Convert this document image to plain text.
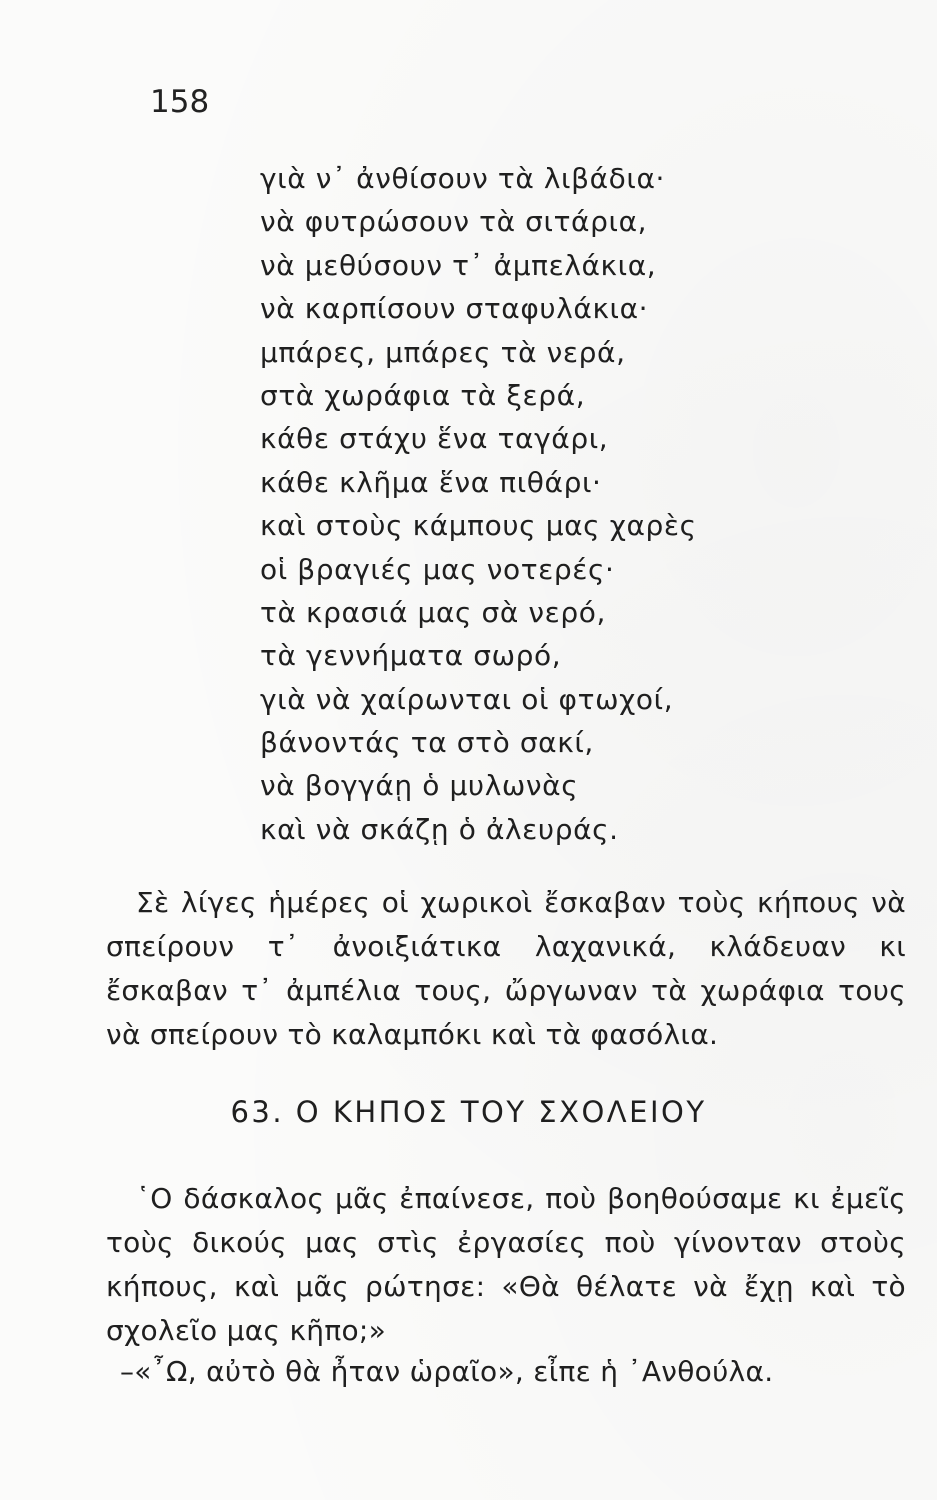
158
γιὰ ν᾿ ἀνθίσουν τὰ λιβάδια·
νὰ φυτρώσουν τὰ σιτάρια,
νὰ μεθύσουν τ᾿ ἀμπελάκια,
νὰ καρπίσουν σταφυλάκια·
μπάρες, μπάρες τὰ νερά,
στὰ χωράφια τὰ ξερά,
κάθε στάχυ ἕνα ταγάρι,
κάθε κλῆμα ἕνα πιθάρι·
καὶ στοὺς κάμπους μας χαρὲς
οἱ βραγιές μας νοτερές·
τὰ κρασιά μας σὰ νερό,
τὰ γεννήματα σωρό,
γιὰ νὰ χαίρωνται οἱ φτωχοί,
βάνοντάς τα στὸ σακί,
νὰ βογγάῃ ὁ μυλωνὰς
καὶ νὰ σκάζῃ ὁ ἀλευράς.

Σὲ λίγες ἡμέρες οἱ χωρικοὶ ἔσκαβαν τοὺς κήπους νὰ σπείρουν τ᾿ ἀνοιξιάτικα λαχανικά, κλάδευαν κι ἔσκαβαν τ᾿ ἀμπέλια τους, ὤργωναν τὰ χωράφια τους νὰ σπείρουν τὸ καλαμπόκι καὶ τὰ φασόλια.

63. Ο ΚΗΠΟΣ ΤΟΥ ΣΧΟΛΕΙΟΥ

῾Ο δάσκαλος μᾶς ἐπαίνεσε, ποὺ βοηθούσαμε κι ἐμεῖς τοὺς δικούς μας στὶς ἐργασίες ποὺ γίνονταν στοὺς κήπους, καὶ μᾶς ρώτησε: «Θὰ θέλατε νὰ ἔχῃ καὶ τὸ σχολεῖο μας κῆπο;»

–«῏Ω, αὐτὸ θὰ ἦταν ὡραῖο», εἶπε ἡ ᾿Ανθούλα.
